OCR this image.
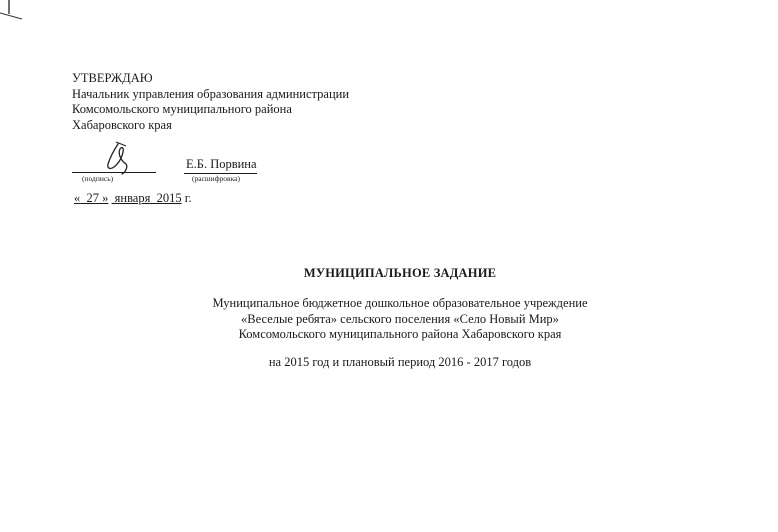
УТВЕРЖДАЮ
Начальник управления образования администрации
Комсомольского муниципального района
Хабаровского края
(подпись)
Е.Б. Порвина
(расшифровка)
« 27 » января 2015 г.
МУНИЦИПАЛЬНОЕ ЗАДАНИЕ
Муниципальное бюджетное дошкольное образовательное учреждение
«Веселые ребята» сельского поселения «Село Новый Мир»
Комсомольского муниципального района Хабаровского края
на 2015 год и плановый период 2016 - 2017 годов
